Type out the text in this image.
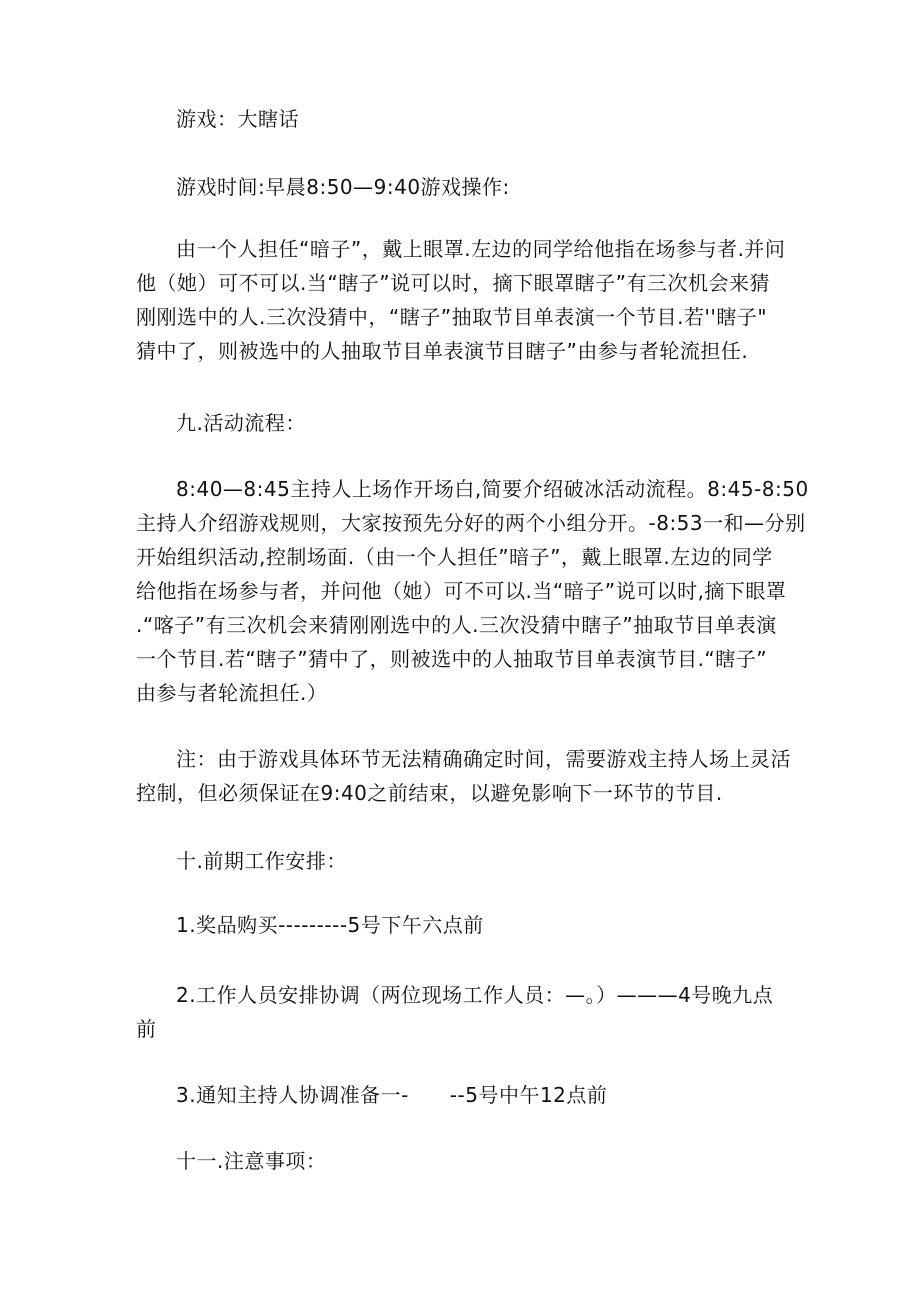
游戏：大瞎话

游戏时间:早晨8:50—9:40游戏操作:

由一个人担任“暗子”，戴上眼罩.左边的同学给他指在场参与者.并问
他（她）可不可以.当“瞎子”说可以时，摘下眼罩瞎子”有三次机会来猜
刚刚选中的人.三次没猜中，“瞎子”抽取节目单表演一个节目.若''瞎子"
猜中了，则被选中的人抽取节目单表演节目瞎子”由参与者轮流担任.

九.活动流程：

8:40—8:45主持人上场作开场白,简要介绍破冰活动流程。8:45-8:50
主持人介绍游戏规则，大家按预先分好的两个小组分开。-8:53一和—分别
开始组织活动,控制场面.（由一个人担任”暗子”，戴上眼罩.左边的同学
给他指在场参与者，并问他（她）可不可以.当“暗子”说可以时,摘下眼罩
.“喀子”有三次机会来猜刚刚选中的人.三次没猜中瞎子”抽取节目单表演
一个节目.若“瞎子”猜中了，则被选中的人抽取节目单表演节目.“瞎子”
由参与者轮流担任.）

注：由于游戏具体环节无法精确确定时间，需要游戏主持人场上灵活
控制，但必须保证在9:40之前结束，以避免影响下一环节的节目.

十.前期工作安排：

1.奖品购买---------5号下午六点前

2.工作人员安排协调（两位现场工作人员：—。）———4号晚九点
前

3.通知主持人协调准备一-　　--5号中午12点前

十一.注意事项：
